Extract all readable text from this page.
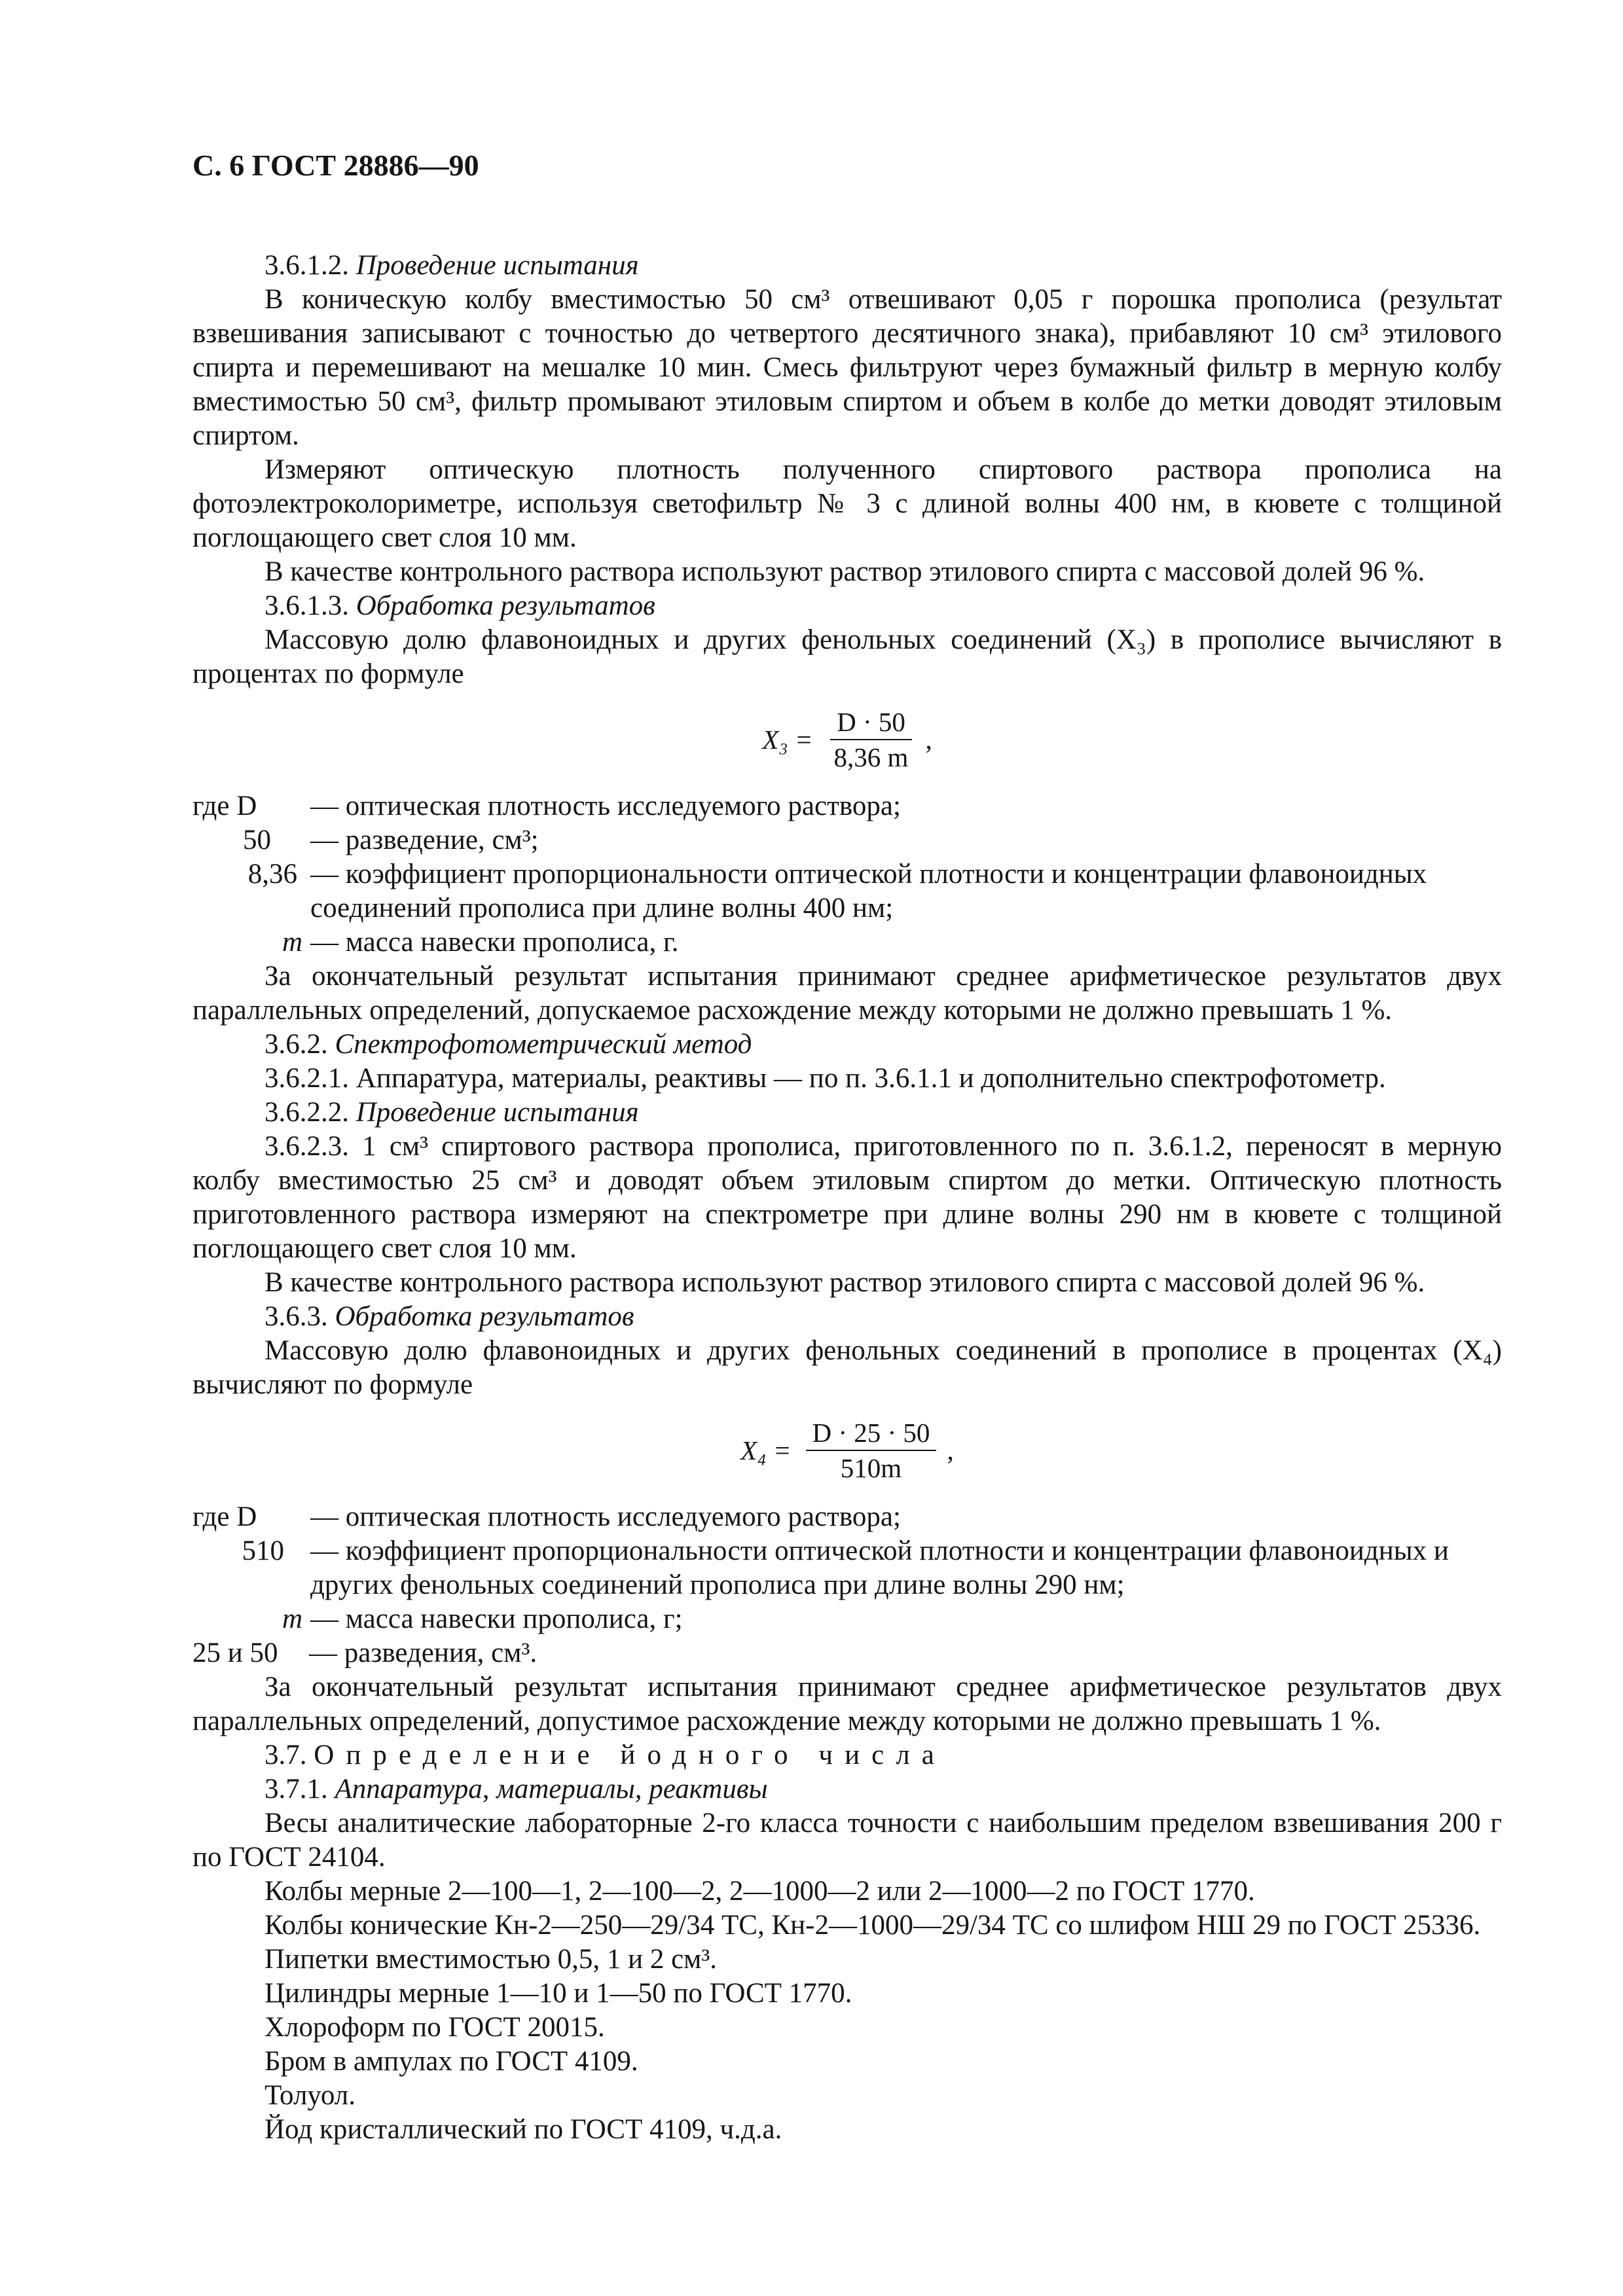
С. 6 ГОСТ 28886—90

3.6.1.2. Проведение испытания

В коническую колбу вместимостью 50 см³ отвешивают 0,05 г порошка прополиса (результат взвешивания записывают с точностью до четвертого десятичного знака), прибавляют 10 см³ этилового спирта и перемешивают на мешалке 10 мин. Смесь фильтруют через бумажный фильтр в мерную колбу вместимостью 50 см³, фильтр промывают этиловым спиртом и объем в колбе до метки доводят этиловым спиртом.

Измеряют оптическую плотность полученного спиртового раствора прополиса на фотоэлектроколориметре, используя светофильтр № 3 с длиной волны 400 нм, в кювете с толщиной поглощающего свет слоя 10 мм.

В качестве контрольного раствора используют раствор этилового спирта с массовой долей 96 %.

3.6.1.3. Обработка результатов

Массовую долю флавоноидных и других фенольных соединений (X₃) в прополисе вычисляют в процентах по формуле

$X_3 = \frac{D \cdot 50}{8,36 m}$ ,
где D	— оптическая плотность исследуемого раствора;
50	— разведение, см³;
8,36 — коэффициент пропорциональности оптической плотности и концентрации флавоноидных соединений прополиса при длине волны 400 нм;
m — масса навески прополиса, г.

За окончательный результат испытания принимают среднее арифметическое результатов двух параллельных определений, допускаемое расхождение между которыми не должно превышать 1 %.

3.6.2. Спектрофотометрический метод

3.6.2.1. Аппаратура, материалы, реактивы — по п. 3.6.1.1 и дополнительно спектрофотометр.

3.6.2.2. Проведение испытания

3.6.2.3. 1 см³ спиртового раствора прополиса, приготовленного по п. 3.6.1.2, переносят в мерную колбу вместимостью 25 см³ и доводят объем этиловым спиртом до метки. Оптическую плотность приготовленного раствора измеряют на спектрометре при длине волны 290 нм в кювете с толщиной поглощающего свет слоя 10 мм.

В качестве контрольного раствора используют раствор этилового спирта с массовой долей 96 %.

3.6.3. Обработка результатов

Массовую долю флавоноидных и других фенольных соединений в прополисе в процентах (X₄) вычисляют по формуле

$X_4 = \frac{D \cdot 25 \cdot 50}{510m}$ ,
где D	— оптическая плотность исследуемого раствора;
510 — коэффициент пропорциональности оптической плотности и концентрации флавоноидных и других фенольных соединений прополиса при длине волны 290 нм;
m — масса навески прополиса, г;
25 и 50	— разведения, см³.

За окончательный результат испытания принимают среднее арифметическое результатов двух параллельных определений, допустимое расхождение между которыми не должно превышать 1 %.

3.7. Определение йодного числа

3.7.1. Аппаратура, материалы, реактивы

Весы аналитические лабораторные 2-го класса точности с наибольшим пределом взвешивания 200 г по ГОСТ 24104.

Колбы мерные 2—100—1, 2—100—2, 2—1000—2 или 2—1000—2 по ГОСТ 1770.

Колбы конические Кн-2—250—29/34 ТС, Кн-2—1000—29/34 ТС со шлифом НШ 29 по ГОСТ 25336.

Пипетки вместимостью 0,5, 1 и 2 см³.

Цилиндры мерные 1—10 и 1—50 по ГОСТ 1770.

Хлороформ по ГОСТ 20015.

Бром в ампулах по ГОСТ 4109.

Толуол.

Йод кристаллический по ГОСТ 4109, ч.д.а.
